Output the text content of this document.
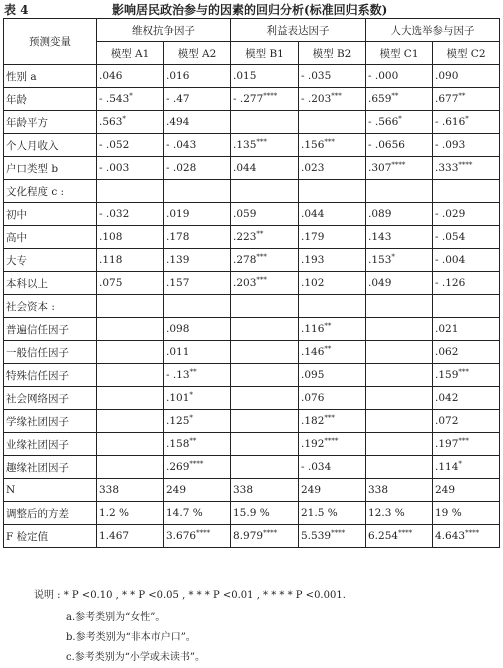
表 4	影响居民政治参与的因素的回归分析(标准回归系数)
预测变量	维权抗争因子		利益表达因子		人大选举参与因子	
	模型 A1	模型 A2	模型 B1	模型 B2	模型 C1	模型 C2
性别 a	.046	.016	.015	- .035	- .000	.090
年龄	- .543*	- .47	- .277****	- .203***	.659**	.677**
年龄平方	.563*	.494			- .566*	- .616*
个人月收入	- .052	- .043	.135***	.156***	- .0656	- .093
户口类型 b	- .003	- .028	.044	.023	.307****	.333****
文化程度 c :						
初中	- .032	.019	.059	.044	.089	- .029
高中	.108	.178	.223**	.179	.143	- .054
大专	.118	.139	.278***	.193	.153*	- .004
本科以上	.075	.157	.203***	.102	.049	- .126
社会资本 :						
普遍信任因子		.098		.116**		.021
一般信任因子		.011		.146**		.062
特殊信任因子		- .13**		.095		.159***
社会网络因子		.101*		.076		.042
学缘社团因子		.125*		.182***		.072
业缘社团因子		.158**		.192****		.197***
趣缘社团因子		.269****		- .034		.114*
N	338	249	338	249	338	249
调整后的方差	1.2 %	14.7 %	15.9 %	21.5 %	12.3 %	19 %
F 检定值	1.467	3.676****	8.979****	5.539****	6.254****	4.643****
说明 : * P <0.10 , * * P <0.05 , * * * P <0.01 , * * * * P <0.001.
a.参考类别为“女性”。
b.参考类别为“非本市户口”。
c.参考类别为“小学或未读书”。
